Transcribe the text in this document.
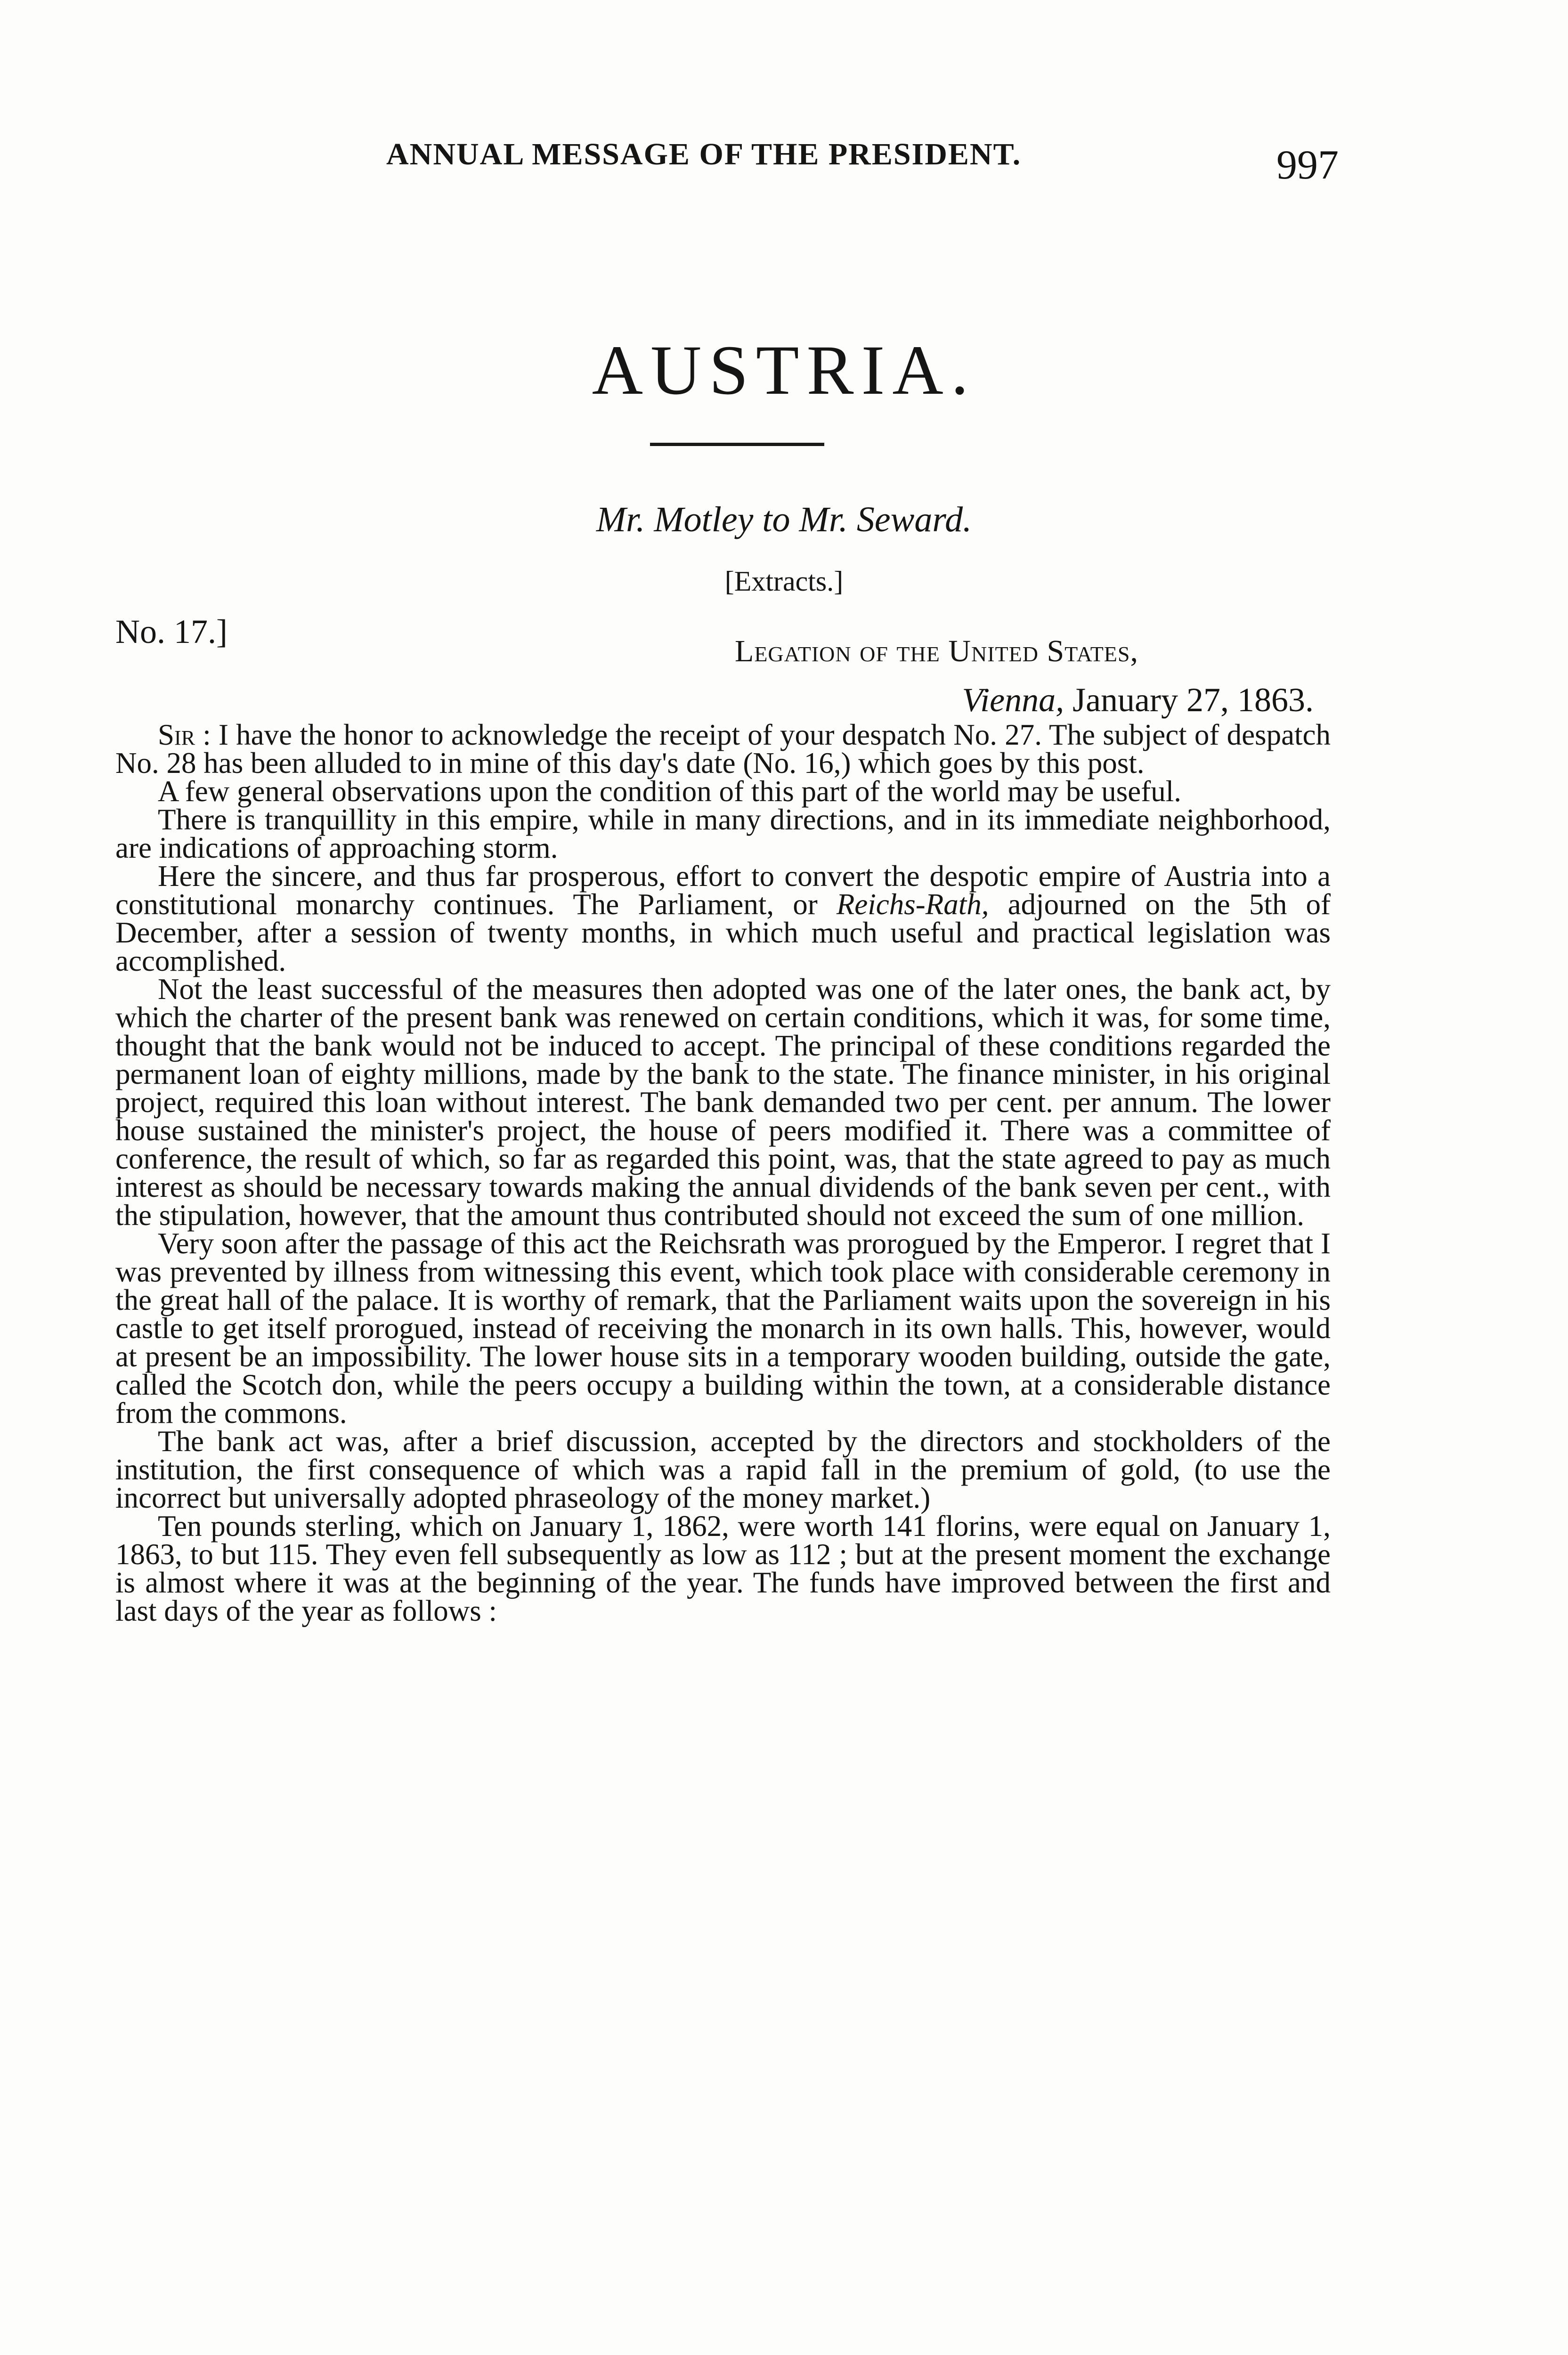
ANNUAL MESSAGE OF THE PRESIDENT.	997
AUSTRIA.
Mr. Motley to Mr. Seward.
[Extracts.]
No. 17.]
Legation of the United States,
Vienna, January 27, 1863.

Sir : I have the honor to acknowledge the receipt of your despatch No. 27. The subject of despatch No. 28 has been alluded to in mine of this day's date (No. 16,) which goes by this post.

A few general observations upon the condition of this part of the world may be useful.

There is tranquillity in this empire, while in many directions, and in its immediate neighborhood, are indications of approaching storm.

Here the sincere, and thus far prosperous, effort to convert the despotic empire of Austria into a constitutional monarchy continues. The Parliament, or Reichs-Rath, adjourned on the 5th of December, after a session of twenty months, in which much useful and practical legislation was accomplished.

Not the least successful of the measures then adopted was one of the later ones, the bank act, by which the charter of the present bank was renewed on certain conditions, which it was, for some time, thought that the bank would not be induced to accept. The principal of these conditions regarded the permanent loan of eighty millions, made by the bank to the state. The finance minister, in his original project, required this loan without interest. The bank demanded two per cent. per annum. The lower house sustained the minister's project, the house of peers modified it. There was a committee of conference, the result of which, so far as regarded this point, was, that the state agreed to pay as much interest as should be necessary towards making the annual dividends of the bank seven per cent., with the stipulation, however, that the amount thus contributed should not exceed the sum of one million.

Very soon after the passage of this act the Reichsrath was prorogued by the Emperor. I regret that I was prevented by illness from witnessing this event, which took place with considerable ceremony in the great hall of the palace. It is worthy of remark, that the Parliament waits upon the sovereign in his castle to get itself prorogued, instead of receiving the monarch in its own halls. This, however, would at present be an impossibility. The lower house sits in a temporary wooden building, outside the gate, called the Scotch don, while the peers occupy a building within the town, at a considerable distance from the commons.

The bank act was, after a brief discussion, accepted by the directors and stockholders of the institution, the first consequence of which was a rapid fall in the premium of gold, (to use the incorrect but universally adopted phraseology of the money market.)

Ten pounds sterling, which on January 1, 1862, were worth 141 florins, were equal on January 1, 1863, to but 115. They even fell subsequently as low as 112 ; but at the present moment the exchange is almost where it was at the beginning of the year. The funds have improved between the first and last days of the year as follows :
